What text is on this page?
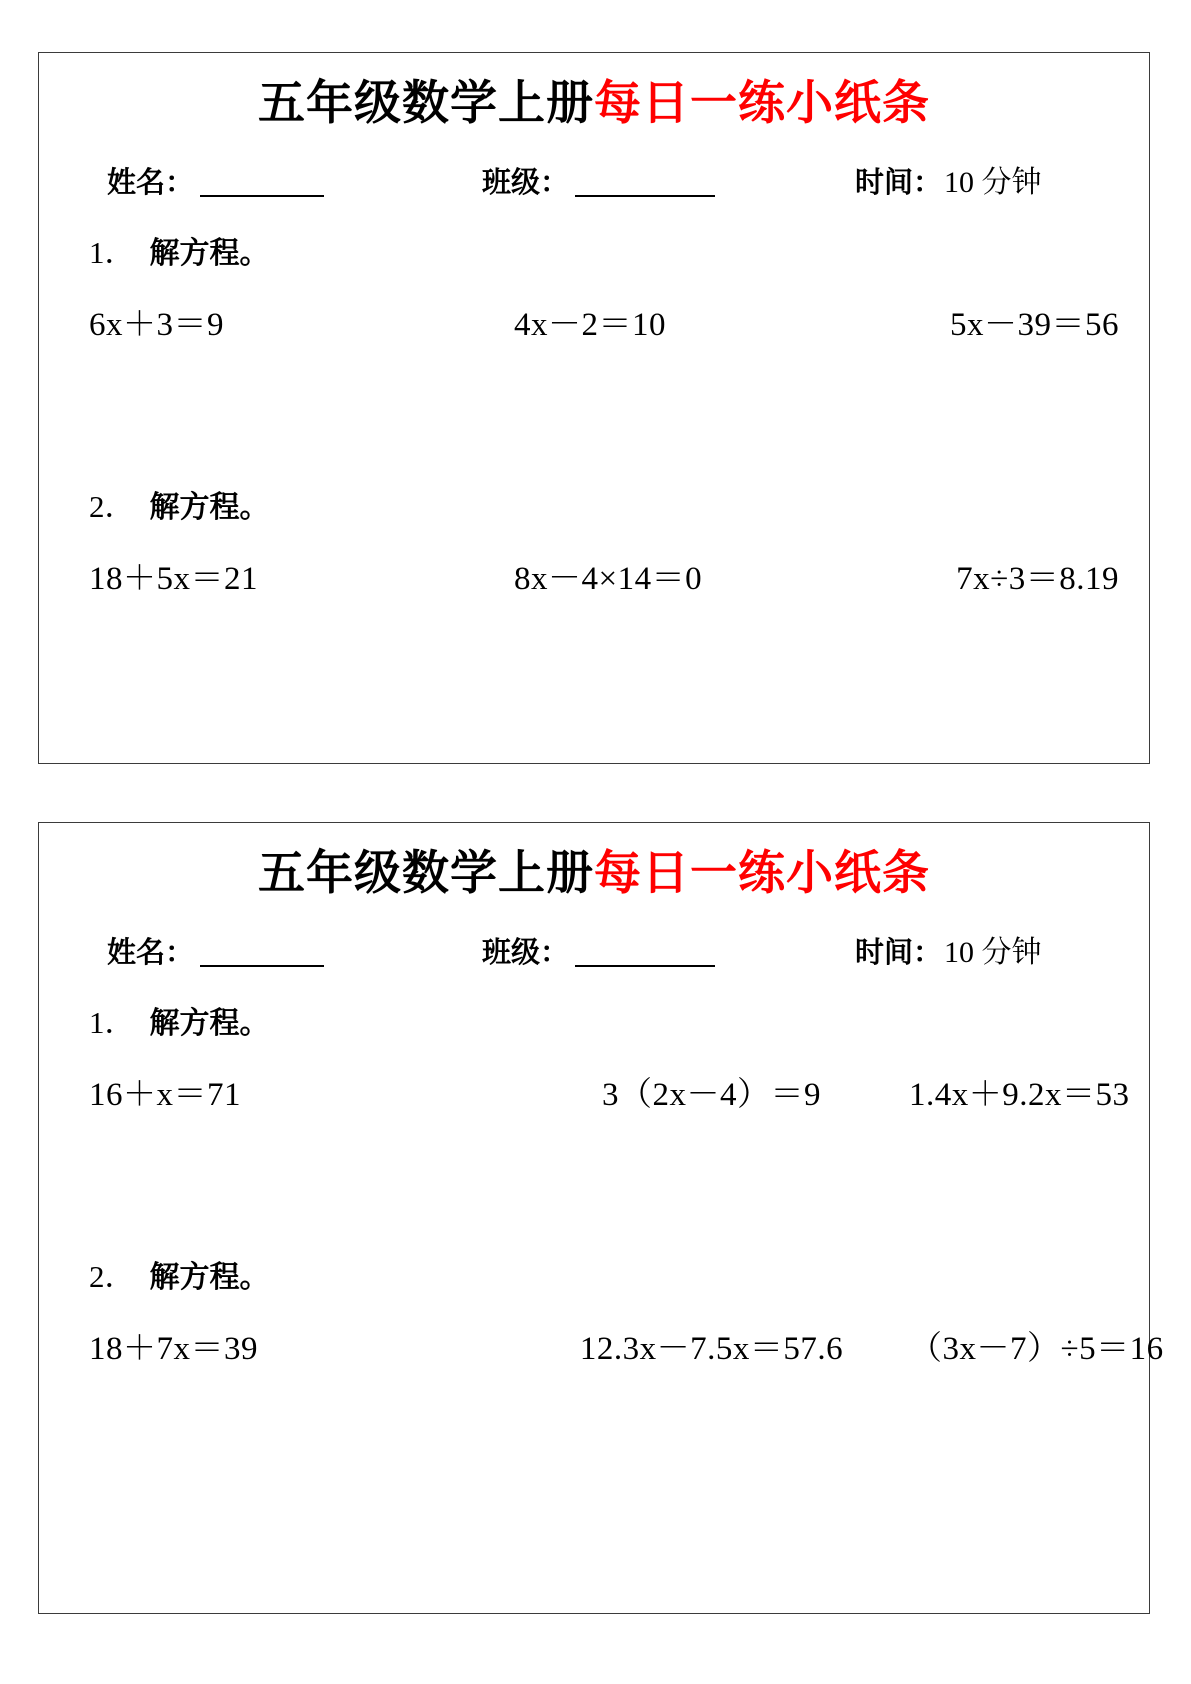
五年级数学上册每日一练小纸条
姓名：	班级：	时间： 10 分钟
1． 解方程。
6x＋3＝9	4x－2＝10	5x－39＝56
2． 解方程。
18＋5x＝21	8x－4×14＝0	7x÷3＝8.19
五年级数学上册每日一练小纸条
姓名：	班级：	时间： 10 分钟
1． 解方程。
16＋x＝71	3（2x－4）＝9	1.4x＋9.2x＝53
2． 解方程。
18＋7x＝39	12.3x－7.5x＝57.6	（3x－7）÷5＝16
